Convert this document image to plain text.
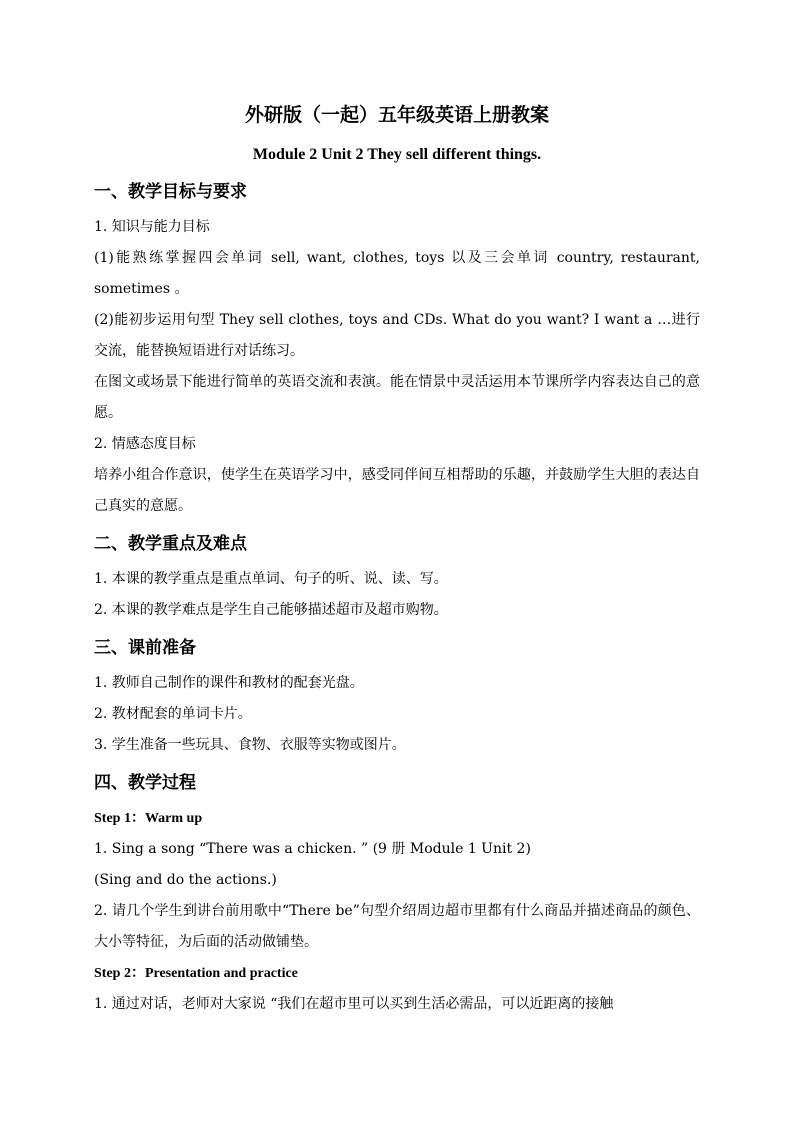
外研版（一起）五年级英语上册教案
Module 2 Unit 2 They sell different things.
一、教学目标与要求

1. 知识与能力目标

(1)能熟练掌握四会单词 sell, want, clothes, toys 以及三会单词 country, restaurant, sometimes 。

(2)能初步运用句型 They sell clothes, toys and CDs. What do you want? I want a …进行交流，能替换短语进行对话练习。

在图文或场景下能进行简单的英语交流和表演。能在情景中灵活运用本节课所学内容表达自己的意愿。

2. 情感态度目标

培养小组合作意识，使学生在英语学习中，感受同伴间互相帮助的乐趣，并鼓励学生大胆的表达自己真实的意愿。

二、教学重点及难点

1. 本课的教学重点是重点单词、句子的听、说、读、写。

2. 本课的教学难点是学生自己能够描述超市及超市购物。

三、课前准备

1. 教师自己制作的课件和教材的配套光盘。

2. 教材配套的单词卡片。

3. 学生准备一些玩具、食物、衣服等实物或图片。

四、教学过程

Step 1：Warm up

1. Sing a song “There was a chicken. ” (9 册 Module 1 Unit 2)

(Sing and do the actions.)

2. 请几个学生到讲台前用歌中“There be”句型介绍周边超市里都有什么商品并描述商品的颜色、大小等特征，为后面的活动做铺垫。

Step 2：Presentation and practice

1. 通过对话，老师对大家说 “我们在超市里可以买到生活必需品，可以近距离的接触
